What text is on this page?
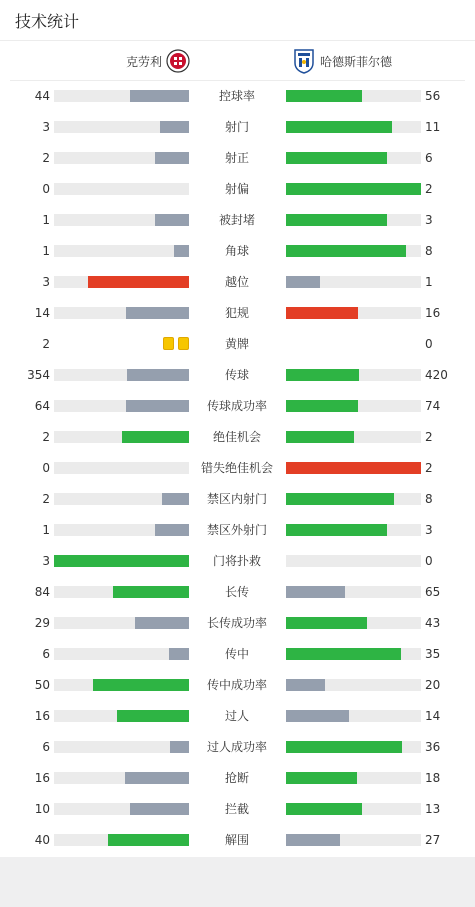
技术统计
克劳利	哈德斯菲尔德
44	控球率	56
3	射门	11
2	射正	6
0	射偏	2
1	被封堵	3
1	角球	8
3	越位	1
14	犯规	16
2	黄牌	0
354	传球	420
64	传球成功率	74
2	绝佳机会	2
0	错失绝佳机会	2
2	禁区内射门	8
1	禁区外射门	3
3	门将扑救	0
84	长传	65
29	长传成功率	43
6	传中	35
50	传中成功率	20
16	过人	14
6	过人成功率	36
16	抢断	18
10	拦截	13
40	解围	27
